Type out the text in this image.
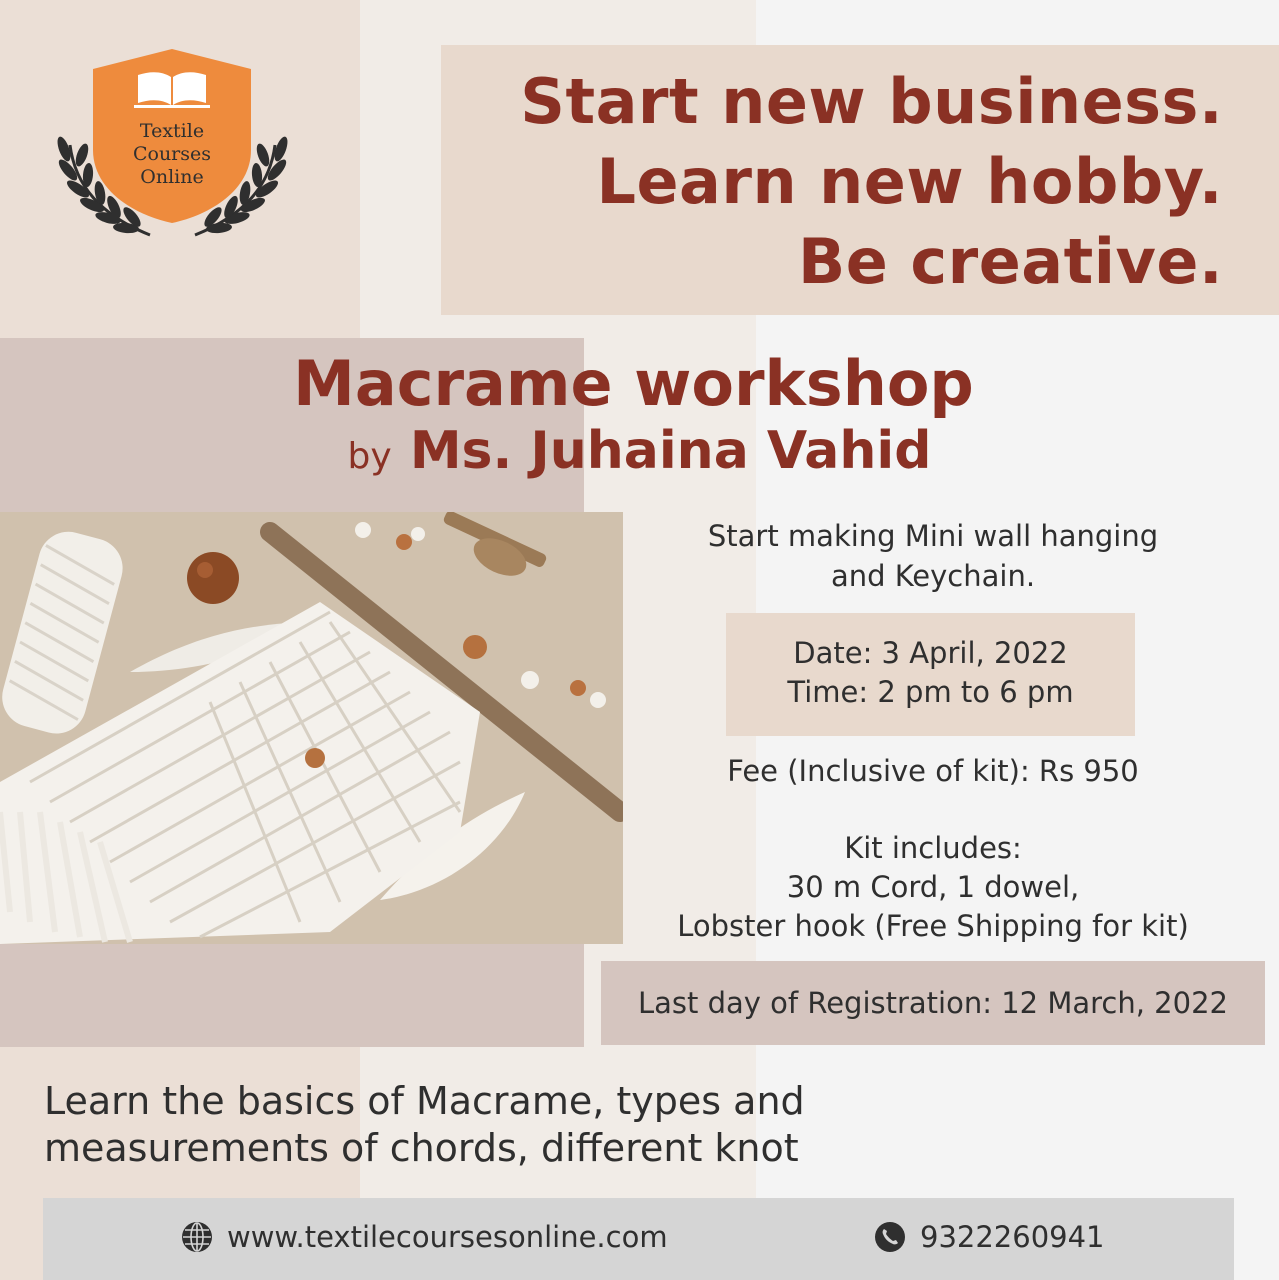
Start new business.
Learn new hobby.
Be creative.
Textile
Courses
Online
Macrame workshop
by Ms. Juhaina Vahid
Start making Mini wall hanging
and Keychain.
Date: 3 April, 2022
Time: 2 pm to 6 pm
Fee (Inclusive of kit): Rs 950
Kit includes:
30 m Cord, 1 dowel,
Lobster hook (Free Shipping for kit)
Last day of Registration: 12 March, 2022
Learn the basics of Macrame, types and
measurements of chords, different knot
www.textilecoursesonline.com	9322260941
